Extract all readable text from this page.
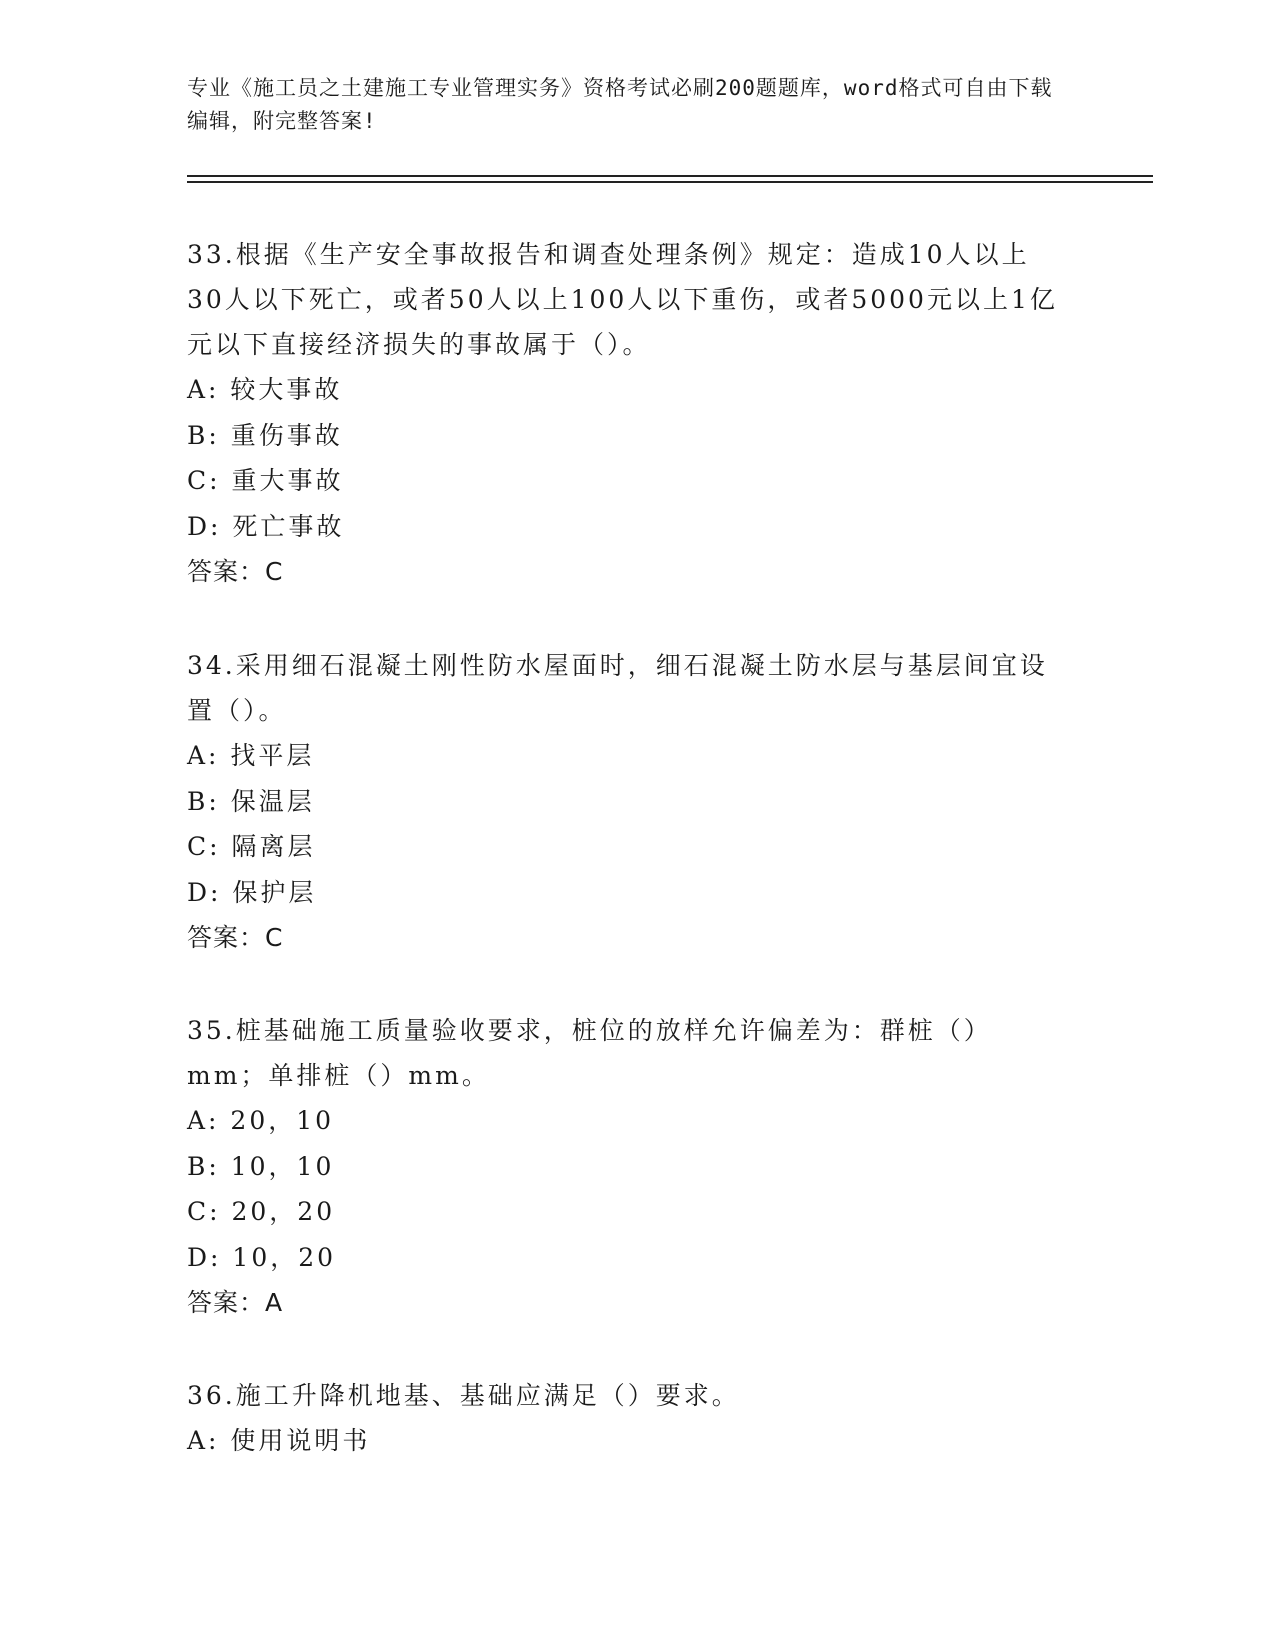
专业《施工员之土建施工专业管理实务》资格考试必刷200题题库，word格式可自由下载编辑，附完整答案!

33.根据《生产安全事故报告和调查处理条例》规定：造成10人以上30人以下死亡，或者50人以上100人以下重伤，或者5000元以上1亿元以下直接经济损失的事故属于（）。

A: 较大事故

B: 重伤事故

C: 重大事故

D: 死亡事故

答案：C

34.采用细石混凝土刚性防水屋面时，细石混凝土防水层与基层间宜设置（）。

A: 找平层

B: 保温层

C: 隔离层

D: 保护层

答案：C

35.桩基础施工质量验收要求，桩位的放样允许偏差为：群桩（）mm；单排桩（）mm。

A: 20，10

B: 10，10

C: 20，20

D: 10，20

答案：A

36.施工升降机地基、基础应满足（）要求。

A: 使用说明书
